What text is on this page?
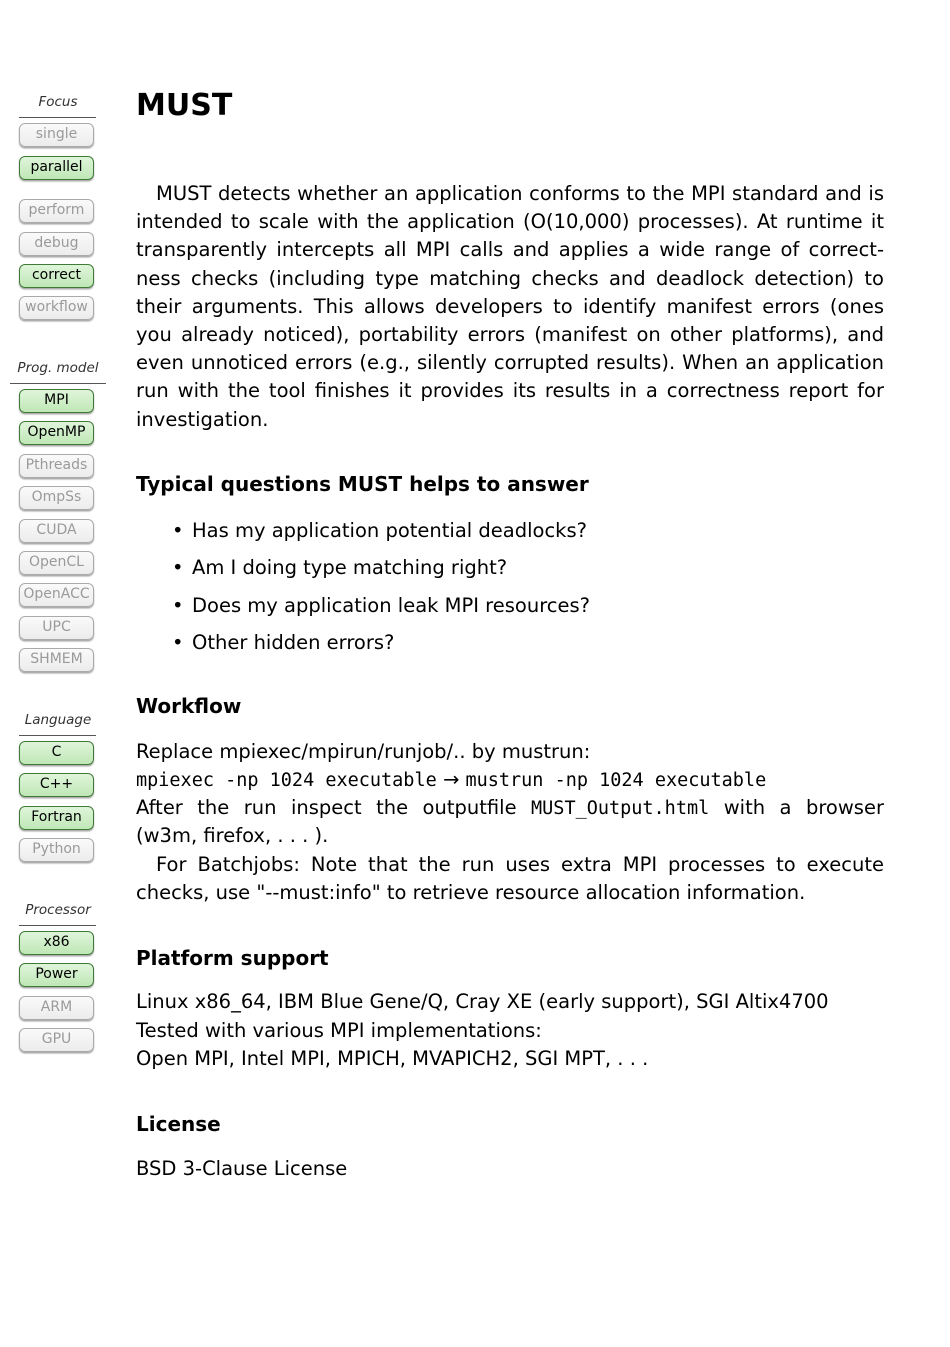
Focus
single
parallel
perform
debug
correct
workflow
Prog. model
MPI
OpenMP
Pthreads
OmpSs
CUDA
OpenCL
OpenACC
UPC
SHMEM
Language
C
C++
Fortran
Python
Processor
x86
Power
ARM
GPU
MUST

MUST detects whether an application conforms to the MPI standard and is intended to scale with the application (O(10,000) processes). At runtime it transparently intercepts all MPI calls and applies a wide range of correctness checks (including type matching checks and deadlock detection) to their arguments. This allows developers to identify manifest errors (ones you already noticed), portability errors (manifest on other platforms), and even unnoticed errors (e.g., silently corrupted results). When an application run with the tool finishes it provides its results in a correctness report for investigation.

Typical questions MUST helps to answer
• Has my application potential deadlocks?
• Am I doing type matching right?
• Does my application leak MPI resources?
• Other hidden errors?
Workflow

Replace mpiexec/mpirun/runjob/.. by mustrun:

mpiexec -np 1024 executable → mustrun -np 1024 executable

After the run inspect the outputfile MUST_Output.html with a browser

(w3m, firefox, . . . ).

For Batchjobs: Note that the run uses extra MPI processes to execute checks, use "--must:info" to retrieve resource allocation information.

Platform support

Linux x86_64, IBM Blue Gene/Q, Cray XE (early support), SGI Altix4700

Tested with various MPI implementations:

Open MPI, Intel MPI, MPICH, MVAPICH2, SGI MPT, . . .

License

BSD 3-Clause License
